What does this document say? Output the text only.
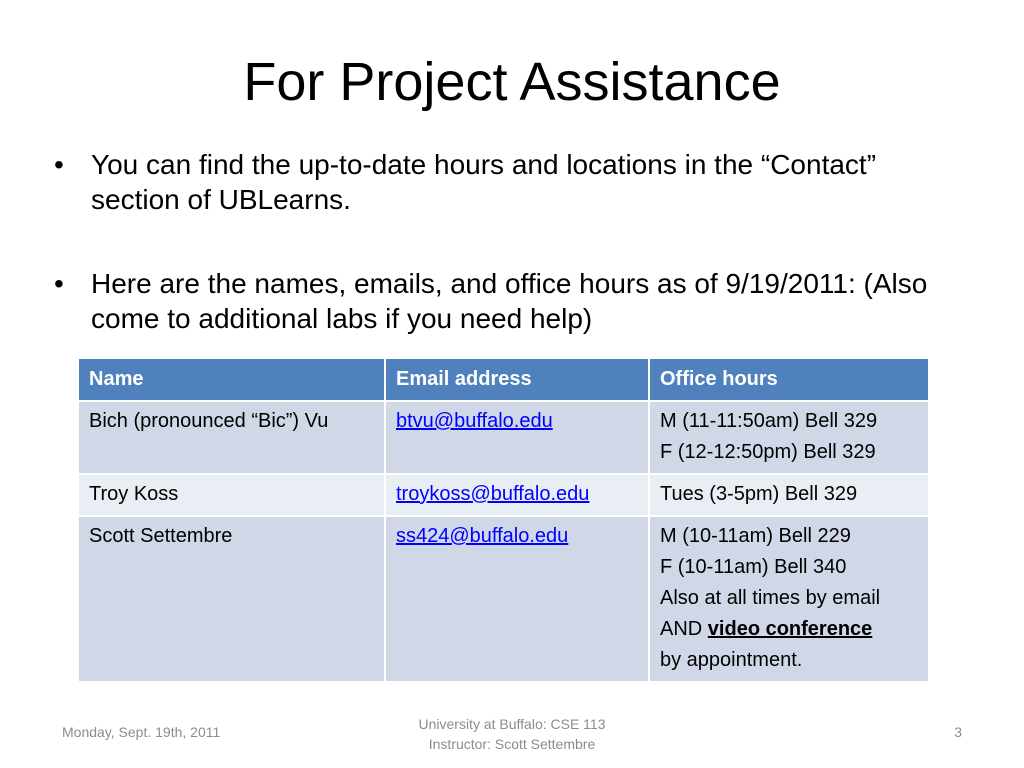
For Project Assistance
• You can find the up-to-date hours and locations in the “Contact” section of UBLearns.
• Here are the names, emails, and office hours as of 9/19/2011: (Also come to additional labs if you need help)
Name	Email address	Office hours
Bich (pronounced “Bic”) Vu	btvu@buffalo.edu	M (11-11:50am) Bell 329
F (12-12:50pm) Bell 329

Troy Koss	troykoss@buffalo.edu	Tues (3-5pm) Bell 329

Scott Settembre	ss424@buffalo.edu	M (10-11am) Bell 229
F (10-11am) Bell 340
Also at all times by email
AND video conference
by appointment.
Monday, Sept. 19th, 2011	University at Buffalo: CSE 113
Instructor: Scott Settembre
3
